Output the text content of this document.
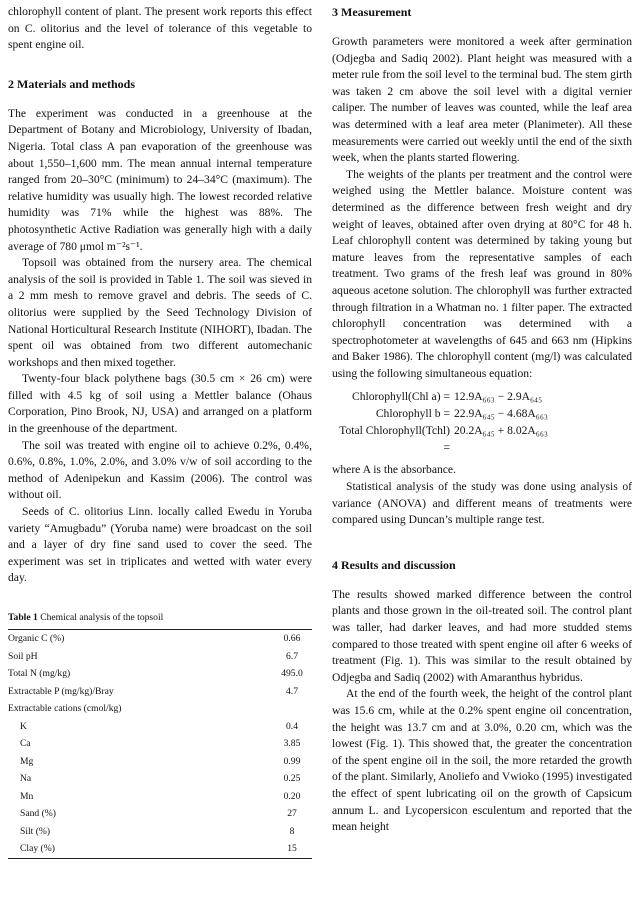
chlorophyll content of plant. The present work reports this effect on C. olitorius and the level of tolerance of this vegetable to spent engine oil.

2 Materials and methods

The experiment was conducted in a greenhouse at the Department of Botany and Microbiology, University of Ibadan, Nigeria. Total class A pan evaporation of the greenhouse was about 1,550–1,600 mm. The mean annual internal temperature ranged from 20–30°C (minimum) to 24–34°C (maximum). The relative humidity was usually high. The lowest recorded relative humidity was 71% while the highest was 88%. The photosynthetic Active Radiation was generally high with a daily average of 780 μmol m⁻²s⁻¹.

Topsoil was obtained from the nursery area. The chemical analysis of the soil is provided in Table 1. The soil was sieved in a 2 mm mesh to remove gravel and debris. The seeds of C. olitorius were supplied by the Seed Technology Division of National Horticultural Research Institute (NIHORT), Ibadan. The spent oil was obtained from two different automechanic workshops and then mixed together.

Twenty-four black polythene bags (30.5 cm × 26 cm) were filled with 4.5 kg of soil using a Mettler balance (Ohaus Corporation, Pino Brook, NJ, USA) and arranged on a platform in the greenhouse of the department.

The soil was treated with engine oil to achieve 0.2%, 0.4%, 0.6%, 0.8%, 1.0%, 2.0%, and 3.0% v/w of soil according to the method of Adenipekun and Kassim (2006). The control was without oil.

Seeds of C. olitorius Linn. locally called Ewedu in Yoruba variety “Amugbadu” (Yoruba name) were broadcast on the soil and a layer of dry fine sand used to cover the seed. The experiment was set in triplicates and wetted with water every day.

Table 1 Chemical analysis of the topsoil
Organic C (%)	0.66
Soil pH	6.7
Total N (mg/kg)	495.0
Extractable P (mg/kg)/Bray	4.7
Extractable cations (cmol/kg)
K	0.4
Ca	3.85
Mg	0.99
Na	0.25
Mn	0.20
Sand (%)	27
Silt (%)	8
Clay (%)	15
3 Measurement

Growth parameters were monitored a week after germination (Odjegba and Sadiq 2002). Plant height was measured with a meter rule from the soil level to the terminal bud. The stem girth was taken 2 cm above the soil level with a digital vernier caliper. The number of leaves was counted, while the leaf area was determined with a leaf area meter (Planimeter). All these measurements were carried out weekly until the end of the sixth week, when the plants started flowering.

The weights of the plants per treatment and the control were weighed using the Mettler balance. Moisture content was determined as the difference between fresh weight and dry weight of leaves, obtained after oven drying at 80°C for 48 h. Leaf chlorophyll content was determined by taking young but mature leaves from the representative samples of each treatment. Two grams of the fresh leaf was ground in 80% aqueous acetone solution. The chlorophyll was further extracted through filtration in a Whatman no. 1 filter paper. The extracted chlorophyll concentration was determined with a spectrophotometer at wavelengths of 645 and 663 nm (Hipkins and Baker 1986). The chlorophyll content (mg/l) was calculated using the following simultaneous equation:

Chlorophyll(Chl a) = 12.9A₆₆₃ − 2.9A₆₄₅
Chlorophyll b = 22.9A₆₄₅ − 4.68A₆₆₃
Total Chlorophyll(Tchl) =
20.2A₆₄₅ + 8.02A₆₆₃

where A is the absorbance.

Statistical analysis of the study was done using analysis of variance (ANOVA) and different means of treatments were compared using Duncan’s multiple range test.

4 Results and discussion

The results showed marked difference between the control plants and those grown in the oil-treated soil. The control plant was taller, had darker leaves, and had more studded stems compared to those treated with spent engine oil after 6 weeks of treatment (Fig. 1). This was similar to the result obtained by Odjegba and Sadiq (2002) with Amaranthus hybridus.

At the end of the fourth week, the height of the control plant was 15.6 cm, while at the 0.2% spent engine oil concentration, the height was 13.7 cm and at 3.0%, 0.20 cm, which was the lowest (Fig. 1). This showed that, the greater the concentration of the spent engine oil in the soil, the more retarded the growth of the plant. Similarly, Anoliefo and Vwioko (1995) investigated the effect of spent lubricating oil on the growth of Capsicum annum L. and Lycopersicon esculentum and reported that the mean height
